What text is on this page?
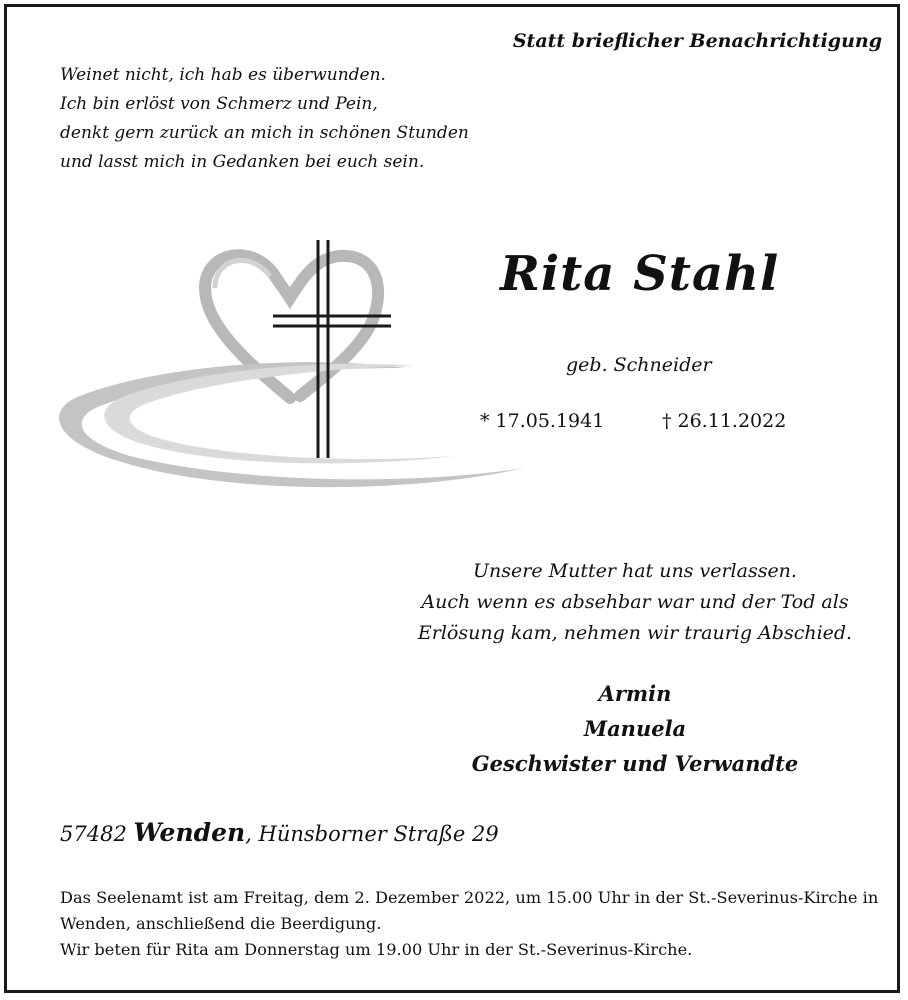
Statt brieflicher Benachrichtigung
Weinet nicht, ich hab es überwunden.
Ich bin erlöst von Schmerz und Pein,
denkt gern zurück an mich in schönen Stunden
und lasst mich in Gedanken bei euch sein.
Rita Stahl
geb. Schneider
* 17.05.1941	† 26.11.2022
Unsere Mutter hat uns verlassen.
Auch wenn es absehbar war und der Tod als
Erlösung kam, nehmen wir traurig Abschied.
Armin
Manuela
Geschwister und Verwandte
57482 Wenden, Hünsborner Straße 29
Das Seelenamt ist am Freitag, dem 2. Dezember 2022, um 15.00 Uhr in der St.-Severinus-Kirche in
Wenden, anschließend die Beerdigung.
Wir beten für Rita am Donnerstag um 19.00 Uhr in der St.-Severinus-Kirche.
